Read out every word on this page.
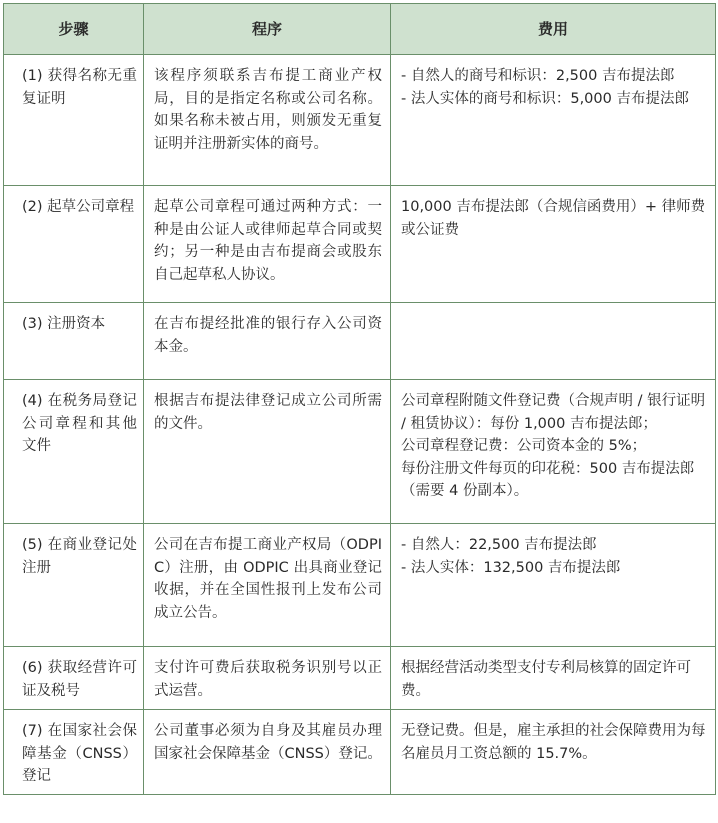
步骤	程序	费用
(1) 获得名称无重复证明	该程序须联系吉布提工商业产权局，目的是指定名称或公司名称。如果名称未被占用，则颁发无重复证明并注册新实体的商号。	- 自然人的商号和标识：2,500 吉布提法郎
- 法人实体的商号和标识：5,000 吉布提法郎

(2) 起草公司章程	起草公司章程可通过两种方式：一种是由公证人或律师起草合同或契约；另一种是由吉布提商会或股东自己起草私人协议。	10,000 吉布提法郎（合规信函费用）+ 律师费或公证费

(3) 注册资本	在吉布提经批准的银行存入公司资本金。	
(4) 在税务局登记公司章程和其他文件	根据吉布提法律登记成立公司所需的文件。	公司章程附随文件登记费（合规声明 / 银行证明 / 租赁协议）：每份 1,000 吉布提法郎；
公司章程登记费：公司资本金的 5%；
每份注册文件每页的印花税：500 吉布提法郎（需要 4 份副本）。

(5) 在商业登记处注册	公司在吉布提工商业产权局（ODPIC）注册，由 ODPIC 出具商业登记收据，并在全国性报刊上发布公司成立公告。	- 自然人：22,500 吉布提法郎
- 法人实体：132,500 吉布提法郎

(6) 获取经营许可证及税号	支付许可费后获取税务识别号以正式运营。	根据经营活动类型支付专利局核算的固定许可费。

(7) 在国家社会保障基金（CNSS）登记	公司董事必须为自身及其雇员办理国家社会保障基金（CNSS）登记。	无登记费。但是，雇主承担的社会保障费用为每名雇员月工资总额的 15.7%。
